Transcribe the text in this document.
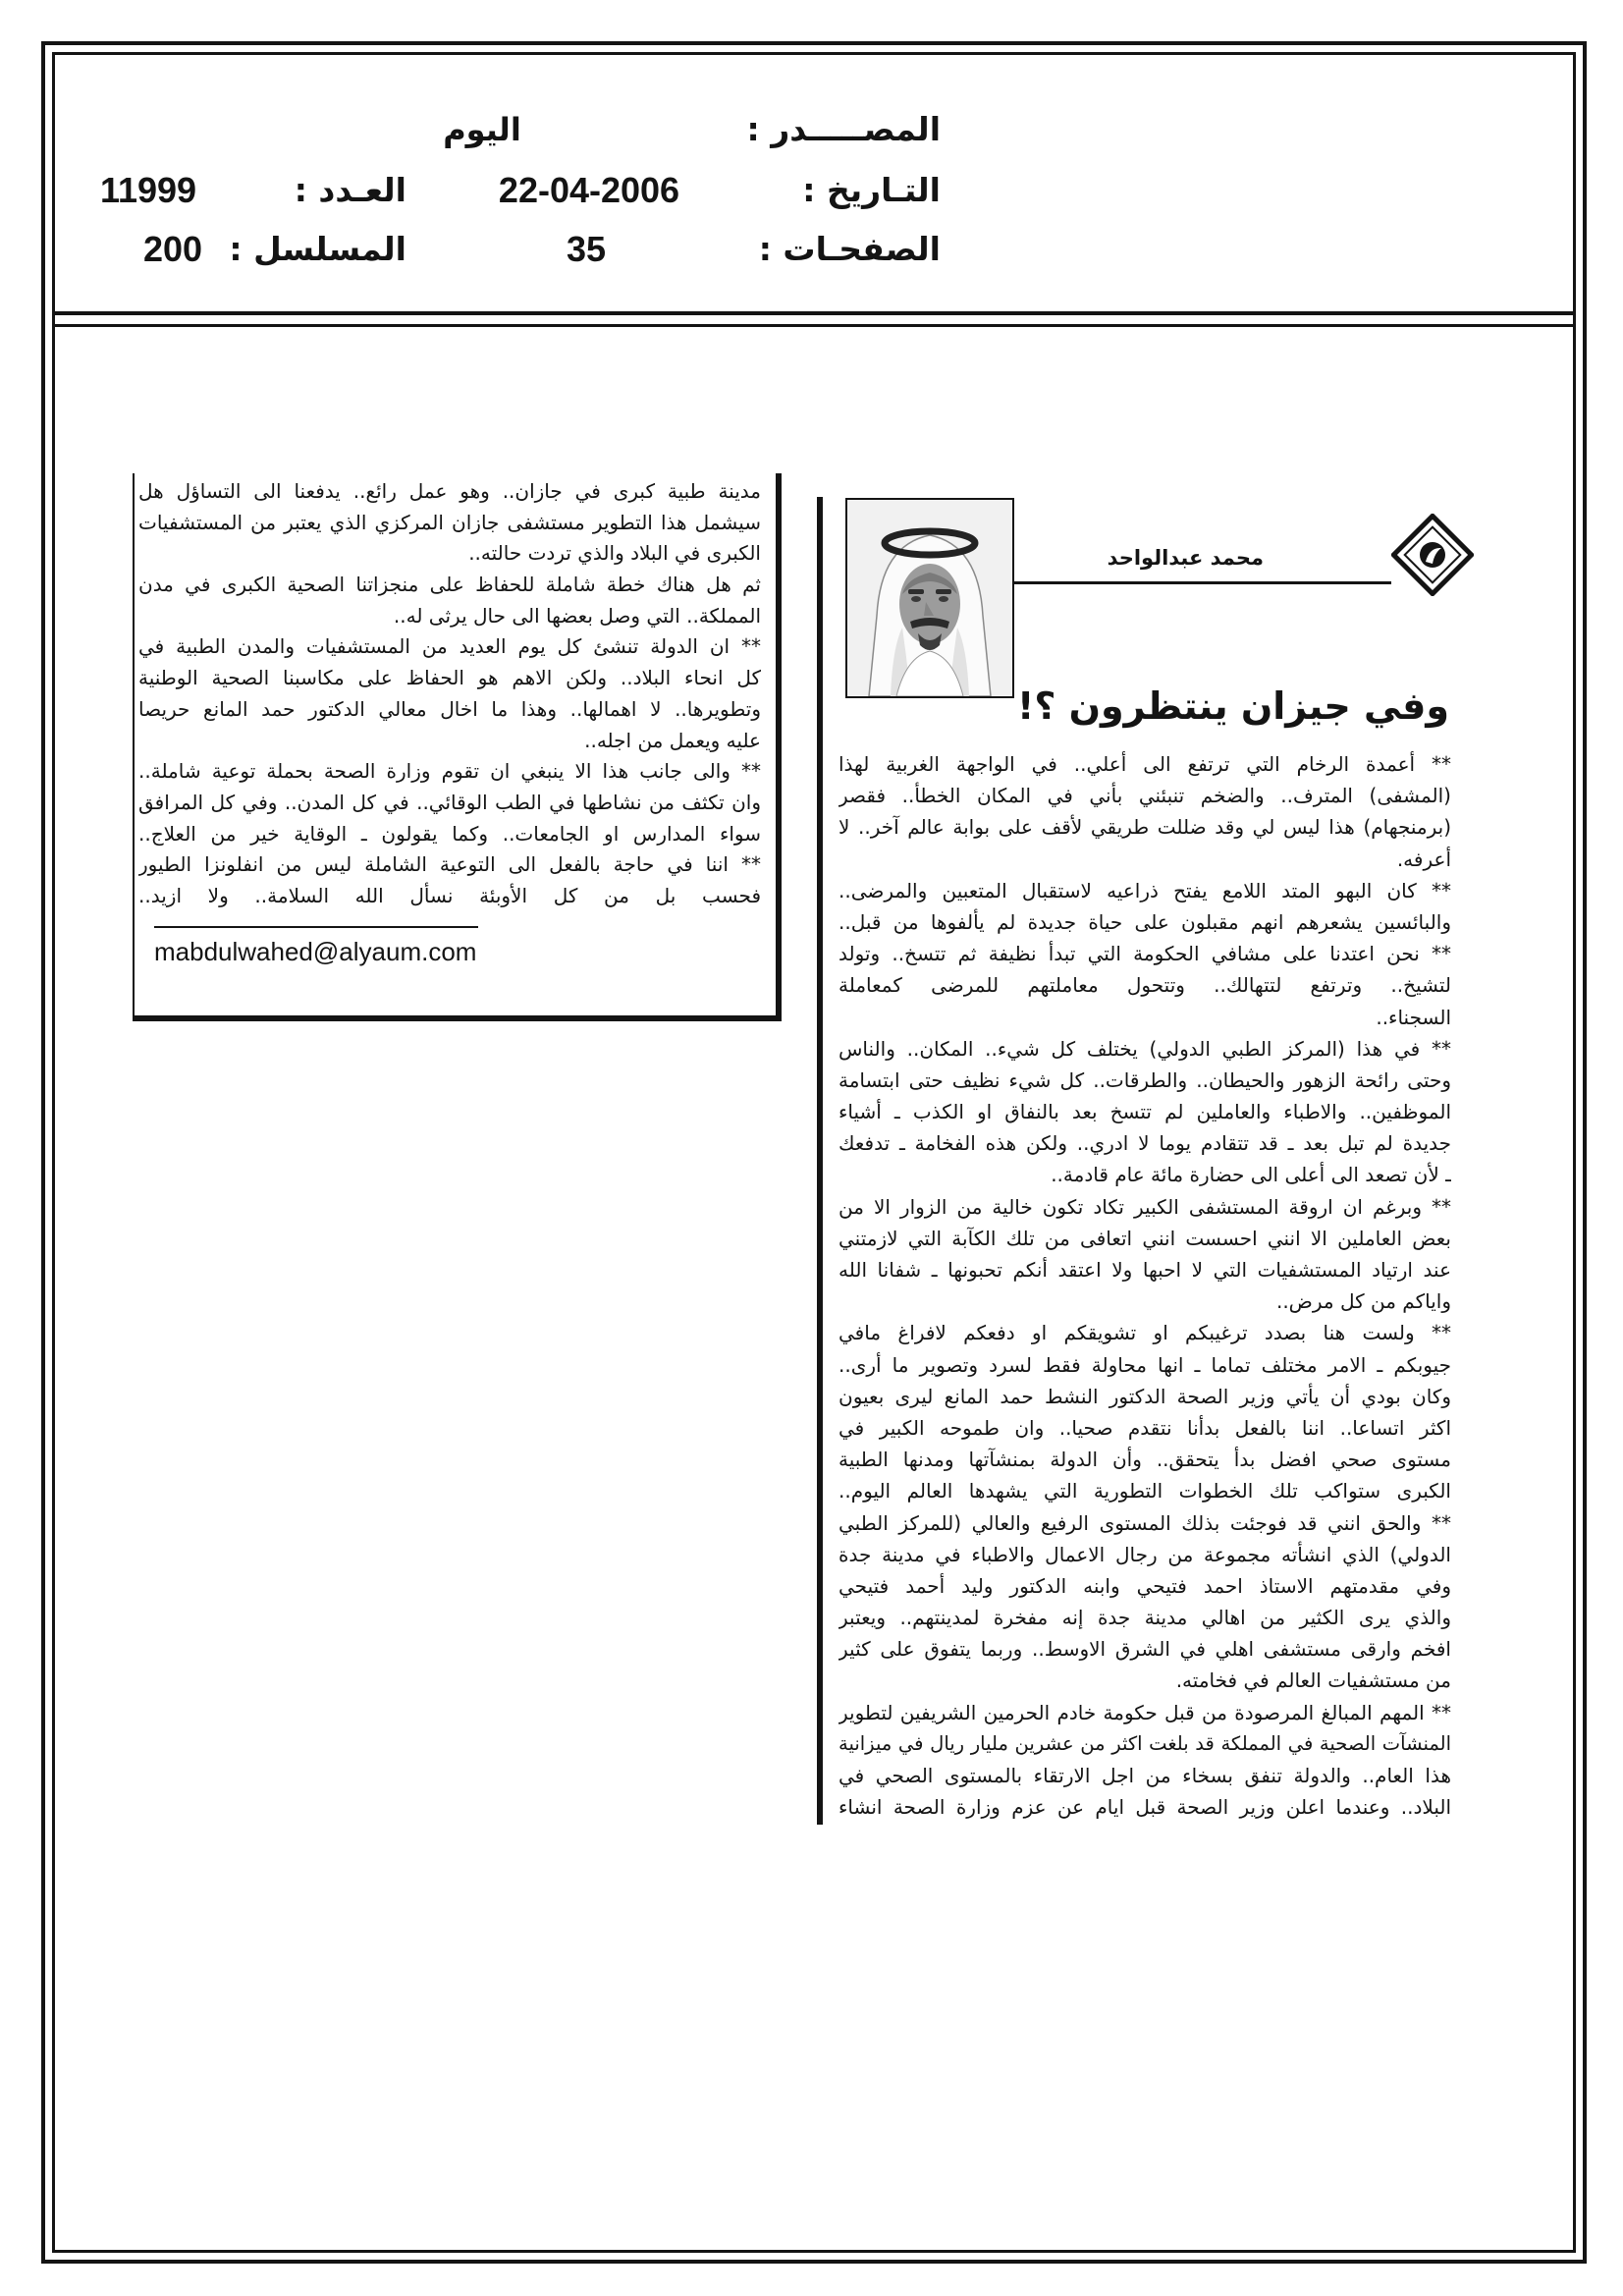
المصـــــدر :
اليوم
التـاريخ :
22-04-2006
العـدد :
11999
الصفحـات :
35
المسلسل :
200
محمد عبدالواحد
وفي جيزان ينتظرون ؟!
** أعمدة الرخام التي ترتفع الى أعلي.. في الواجهة الغربية لهذا
(المشفى) المترف.. والضخم تنبئني بأني في المكان الخطأ.. فقصر
(برمنجهام) هذا ليس لي وقد ضللت طريقي لأقف على بوابة عالم آخر.. لا
أعرفه.
** كان البهو المتد اللامع يفتح ذراعيه لاستقبال المتعبين والمرضى..
والبائسين يشعرهم انهم مقبلون على حياة جديدة لم يألفوها من قبل..
** نحن اعتدنا على مشافي الحكومة التي تبدأ نظيفة ثم تتسخ.. وتولد
لتشيخ.. وترتفع لتتهالك.. وتتحول معاملتهم للمرضى كمعاملة
السجناء..
** في هذا (المركز الطبي الدولي) يختلف كل شيء.. المكان.. والناس
وحتى رائحة الزهور والحيطان.. والطرقات.. كل شيء نظيف حتى ابتسامة
الموظفين.. والاطباء والعاملين لم تتسخ بعد بالنفاق او الكذب ـ أشياء
جديدة لم تبل بعد ـ قد تتقادم يوما لا ادري.. ولكن هذه الفخامة ـ تدفعك
ـ لأن تصعد الى أعلى الى حضارة مائة عام قادمة..
** وبرغم ان اروقة المستشفى الكبير تكاد تكون خالية من الزوار الا من
بعض العاملين الا انني احسست انني اتعافى من تلك الكآبة التي لازمتني
عند ارتياد المستشفيات التي لا احبها ولا اعتقد أنكم تحبونها ـ شفانا الله
واياكم من كل مرض..
** ولست هنا بصدد ترغيبكم او تشويقكم او دفعكم لافراغ مافي
جيوبكم ـ الامر مختلف تماما ـ انها محاولة فقط لسرد وتصوير ما أرى..
وكان بودي أن يأتي وزير الصحة الدكتور النشط حمد المانع ليرى بعيون
اكثر اتساعا.. اننا بالفعل بدأنا نتقدم صحيا.. وان طموحه الكبير في
مستوى صحي افضل بدأ يتحقق.. وأن الدولة بمنشآتها ومدنها الطبية
الكبرى ستواكب تلك الخطوات التطورية التي يشهدها العالم اليوم..
** والحق انني قد فوجئت بذلك المستوى الرفيع والعالي (للمركز الطبي
الدولي) الذي انشأته مجموعة من رجال الاعمال والاطباء في مدينة جدة
وفي مقدمتهم الاستاذ احمد فتيحي وابنه الدكتور وليد أحمد فتيحي
والذي يرى الكثير من اهالي مدينة جدة إنه مفخرة لمدينتهم.. ويعتبر
افخم وارقى مستشفى اهلي في الشرق الاوسط.. وربما يتفوق على كثير
من مستشفيات العالم في فخامته.
** المهم المبالغ المرصودة من قبل حكومة خادم الحرمين الشريفين لتطوير
المنشآت الصحية في المملكة قد بلغت اكثر من عشرين مليار ريال في ميزانية
هذا العام.. والدولة تنفق بسخاء من اجل الارتقاء بالمستوى الصحي في
البلاد.. وعندما اعلن وزير الصحة قبل ايام عن عزم وزارة الصحة انشاء
مدينة طبية كبرى في جازان.. وهو عمل رائع.. يدفعنا الى التساؤل هل
سيشمل هذا التطوير مستشفى جازان المركزي الذي يعتبر من المستشفيات
الكبرى في البلاد والذي تردت حالته..
ثم هل هناك خطة شاملة للحفاظ على منجزاتنا الصحية الكبرى في مدن
المملكة.. التي وصل بعضها الى حال يرثى له..
** ان الدولة تنشئ كل يوم العديد من المستشفيات والمدن الطبية في
كل انحاء البلاد.. ولكن الاهم هو الحفاظ على مكاسبنا الصحية الوطنية
وتطويرها.. لا اهمالها.. وهذا ما اخال معالي الدكتور حمد المانع حريصا
عليه ويعمل من اجله..
** والى جانب هذا الا ينبغي ان تقوم وزارة الصحة بحملة توعية شاملة..
وان تكثف من نشاطها في الطب الوقائي.. في كل المدن.. وفي كل المرافق
سواء المدارس او الجامعات.. وكما يقولون ـ الوقاية خير من العلاج..
** اننا في حاجة بالفعل الى التوعية الشاملة ليس من انفلونزا الطيور
فحسب بل من كل الأوبئة نسأل الله السلامة.. ولا ازيد..
mabdulwahed@alyaum.com
